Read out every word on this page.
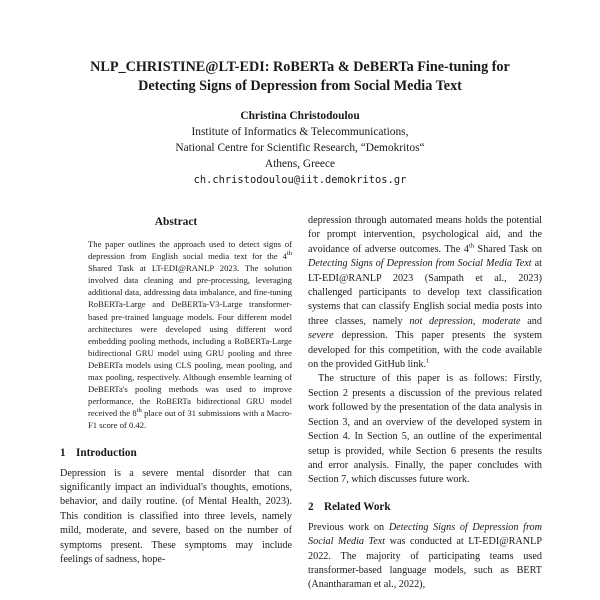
NLP_CHRISTINE@LT-EDI: RoBERTa & DeBERTa Fine-tuning for
Detecting Signs of Depression from Social Media Text
Christina Christodoulou
Institute of Informatics & Telecommunications,
National Centre for Scientific Research, “Demokritos“
Athens, Greece
ch.christodoulou@iit.demokritos.gr
Abstract

The paper outlines the approach used to detect signs of depression from English social media text for the 4th Shared Task at LT-EDI@RANLP 2023. The solution involved data cleaning and pre-processing, leveraging additional data, addressing data imbalance, and fine-tuning RoBERTa-Large and DeBERTa-V3-Large transformer-based pre-trained language models. Four different model architectures were developed using different word embedding pooling methods, including a RoBERTa-Large bidirectional GRU model using GRU pooling and three DeBERTa models using CLS pooling, mean pooling, and max pooling, respectively. Although ensemble learning of DeBERTa's pooling methods was used to improve performance, the RoBERTa bidirectional GRU model received the 8th place out of 31 submissions with a Macro-F1 score of 0.42.

1 Introduction

Depression is a severe mental disorder that can significantly impact an individual's thoughts, emotions, behavior, and daily routine. (of Mental Health, 2023). This condition is classified into three levels, namely mild, moderate, and severe, based on the number of symptoms present. These symptoms may include feelings of sadness, hope-

depression through automated means holds the potential for prompt intervention, psychological aid, and the avoidance of adverse outcomes. The 4th Shared Task on Detecting Signs of Depression from Social Media Text at LT-EDI@RANLP 2023 (Sampath et al., 2023) challenged participants to develop text classification systems that can classify English social media posts into three classes, namely not depression, moderate and severe depression. This paper presents the system developed for this competition, with the code available on the provided GitHub link.$^1$

The structure of this paper is as follows: Firstly, Section 2 presents a discussion of the previous related work followed by the presentation of the data analysis in Section 3, and an overview of the developed system in Section 4. In Section 5, an outline of the experimental setup is provided, while Section 6 presents the results and error analysis. Finally, the paper concludes with Section 7, which discusses future work.

2 Related Work

Previous work on Detecting Signs of Depression from Social Media Text was conducted at LT-EDI@RANLP 2022. The majority of participating teams used transformer-based language models, such as BERT (Anantharaman et al., 2022),
